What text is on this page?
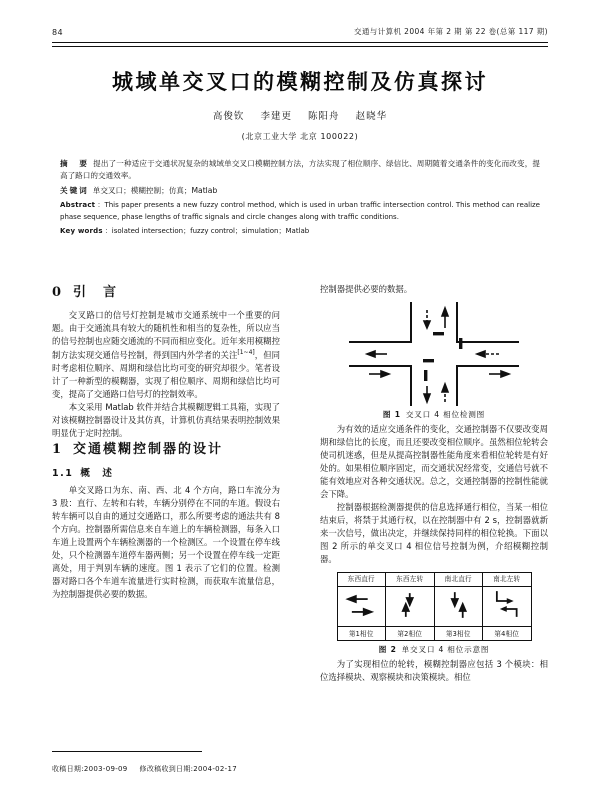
84	交通与计算机 2004 年第 2 期 第 22 卷(总第 117 期)
城域单交叉口的模糊控制及仿真探讨
高俊钦 李建更 陈阳舟 赵晓华
(北京工业大学 北京 100022)

摘　要 提出了一种适应于交通状况复杂的城域单交叉口模糊控制方法，方法实现了相位顺序、绿信比、周期随着交通条件的变化而改变，提高了路口的交通效率。

关键词 单交叉口；模糊控制；仿真；Matlab

Abstract ：This paper presents a new fuzzy control method, which is used in urban traffic intersection control. This method can realize phase sequence, phase lengths of traffic signals and circle changes along with traffic conditions.

Key words ：isolated intersection；fuzzy control；simulation；Matlab

0 引　言

交叉路口的信号灯控制是城市交通系统中一个重要的问题。由于交通流具有较大的随机性和相当的复杂性，所以应当的信号控制也应随交通流的不同而相应变化。近年来用模糊控制方法实现交通信号控制，得到国内外学者的关注[1~4]，但同时考虑相位顺序、周期和绿信比均可变的研究却很少。笔者设计了一种新型的模糊器，实现了相位顺序、周期和绿信比均可变，提高了交通路口信号灯的控制效率。

本文采用 Matlab 软件并结合其模糊逻辑工具箱，实现了对该模糊控制器设计及其仿真，计算机仿真结果表明控制效果明显优于定时控制。

1 交通模糊控制器的设计
1.1 概　述

单交叉路口为东、南、西、北 4 个方向，路口车流分为 3 股：直行、左转和右转，车辆分别停在不同的车道。假设右转车辆可以自由的通过交通路口，那么所要考虑的通法共有 8 个方向。控制器所需信息来自车道上的车辆检测器，每条入口车道上设置两个车辆检测器的一个检测区。一个设置在停车线处，只个检测器车道停车器两侧；另一个设置在停车线一定距离处，用于判别车辆的速度。图 1 表示了它们的位置。检测器对路口各个车道车流量进行实时检测，而获取车流量信息，为控制器提供必要的数据。

控制器提供必要的数据。

图 1 交叉口 4 相位检测图

为有效的适应交通条件的变化，交通控制器不仅要改变周期和绿信比的长度，而且还要改变相位顺序。虽然相位轮转会使司机迷惑，但是从提高控制器性能角度来看相位轮转是有好处的。如果相位顺序固定，而交通状况经常变，交通信号就不能有效地应对各种交通状况。总之，交通控制器的控制性能就会下降。

控制器根据检测器提供的信息选择通行相位，当某一相位结束后，将禁于其通行权，以在控制器中有 2 s，控制器就新来一次信号，做出决定，并继续保持同样的相位轮换。下面以图 2 所示的单交叉口 4 相位信号控制为例，介绍模糊控制器。

东西直行	东西左转	南北直行	南北左转

第1相位	第2相位	第3相位	第4相位
图 2 单交叉口 4 相位示意图

为了实现相位的轮转，模糊控制器应包括 3 个模块：相位选择模块、观察模块和决策模块。相位

收稿日期:2003-09-09 修改稿收到日期:2004-02-17
